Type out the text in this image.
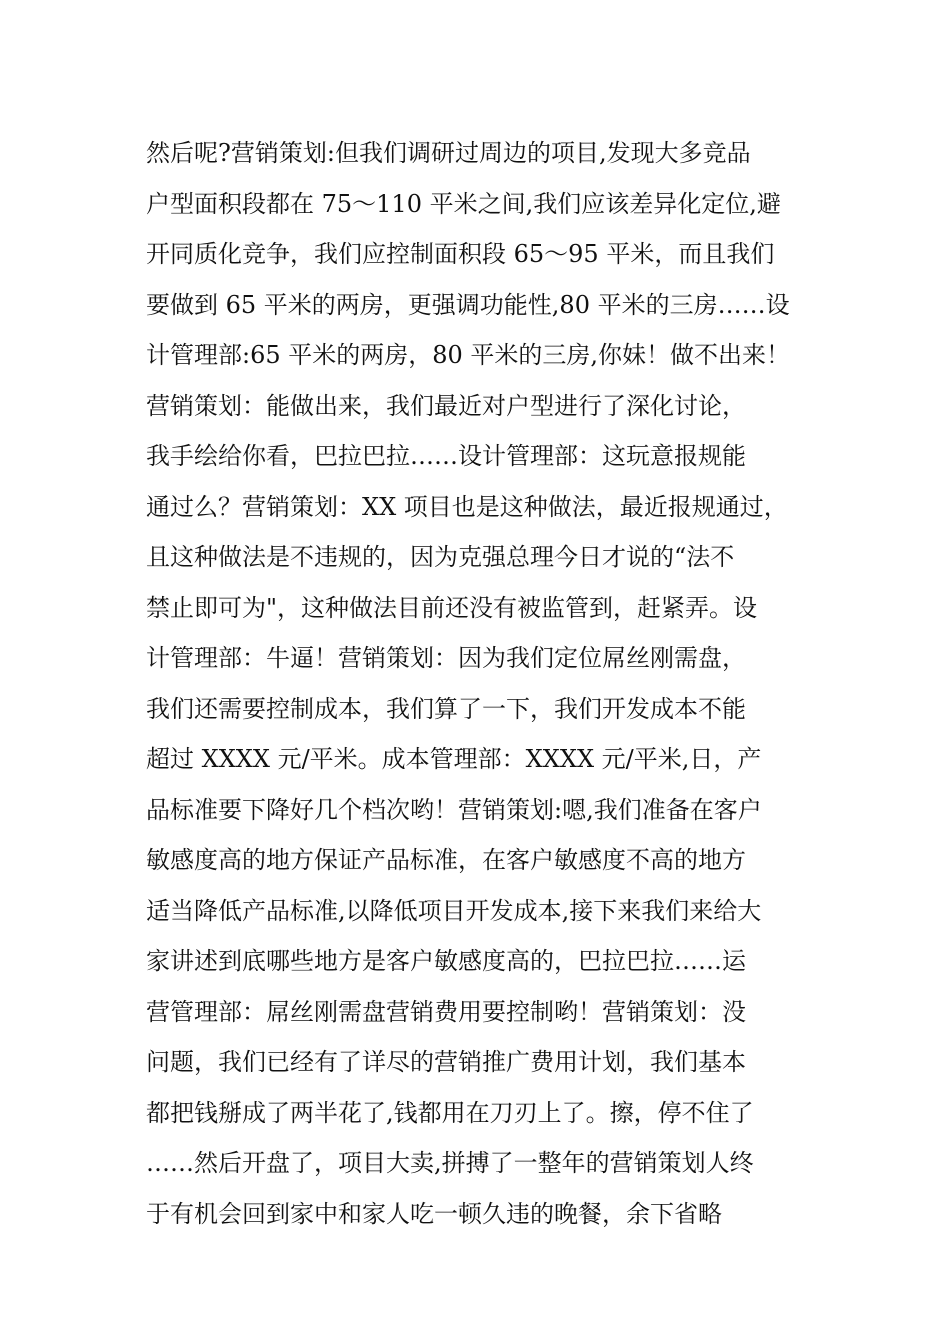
然后呢?营销策划:但我们调研过周边的项目,发现大多竞品
户型面积段都在 75～110 平米之间,我们应该差异化定位,避
开同质化竞争，我们应控制面积段 65～95 平米，而且我们
要做到 65 平米的两房，更强调功能性,80 平米的三房……设
计管理部:65 平米的两房，80 平米的三房,你妹！做不出来！
营销策划：能做出来，我们最近对户型进行了深化讨论，
我手绘给你看，巴拉巴拉……设计管理部：这玩意报规能
通过么？营销策划：XX 项目也是这种做法，最近报规通过，
且这种做法是不违规的，因为克强总理今日才说的“法不
禁止即可为"，这种做法目前还没有被监管到，赶紧弄。设
计管理部：牛逼！营销策划：因为我们定位屌丝刚需盘，
我们还需要控制成本，我们算了一下，我们开发成本不能
超过 XXXX 元/平米。成本管理部：XXXX 元/平米,日，产
品标准要下降好几个档次哟！营销策划:嗯,我们准备在客户
敏感度高的地方保证产品标准，在客户敏感度不高的地方
适当降低产品标准,以降低项目开发成本,接下来我们来给大
家讲述到底哪些地方是客户敏感度高的，巴拉巴拉……运
营管理部：屌丝刚需盘营销费用要控制哟！营销策划：没
问题，我们已经有了详尽的营销推广费用计划，我们基本
都把钱掰成了两半花了,钱都用在刀刃上了。擦，停不住了
……然后开盘了，项目大卖,拼搏了一整年的营销策划人终
于有机会回到家中和家人吃一顿久违的晚餐，余下省略
